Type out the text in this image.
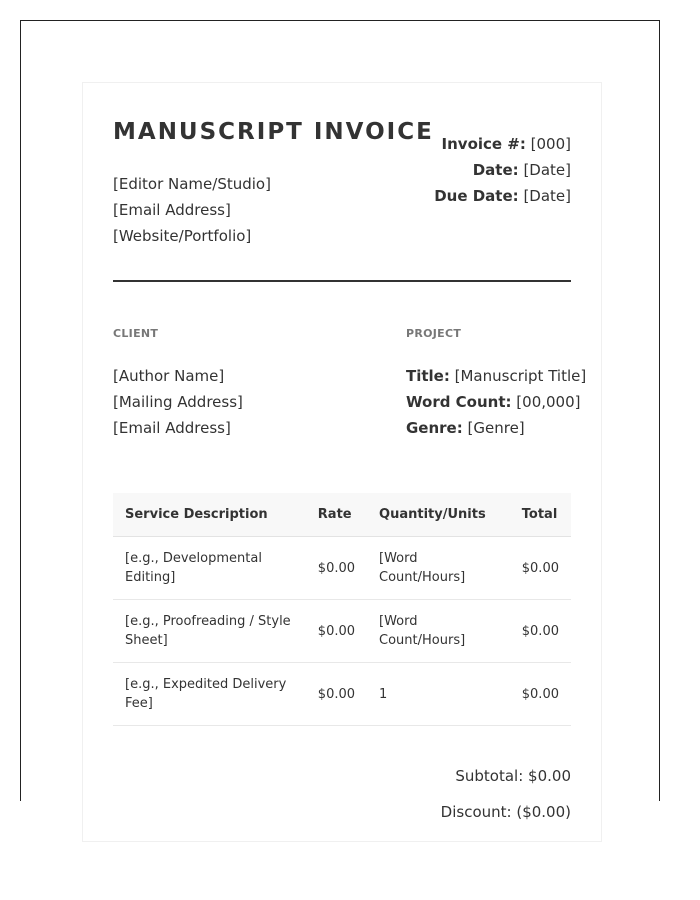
MANUSCRIPT INVOICE
[Editor Name/Studio]
[Email Address]
[Website/Portfolio]
Invoice #: [000]
Date: [Date]
Due Date: [Date]
CLIENT	PROJECT
[Author Name]
[Mailing Address]
[Email Address]
Title: [Manuscript Title]
Word Count: [00,000]
Genre: [Genre]
Service Description	Rate	Quantity/Units	Total
[e.g., Developmental Editing]	$0.00	[Word Count/Hours]	$0.00
[e.g., Proofreading / Style Sheet]	$0.00	[Word Count/Hours]	$0.00
[e.g., Expedited Delivery Fee]	$0.00	1	$0.00
Subtotal: $0.00
Discount: ($0.00)
